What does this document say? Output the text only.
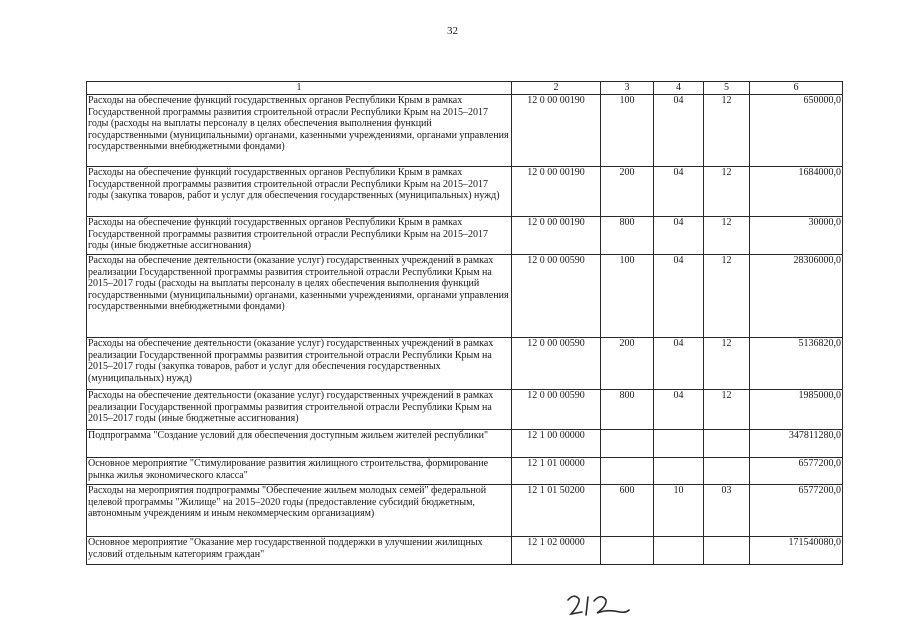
32
1	2	3	4	5	6
Расходы на обеспечение функций государственных органов Республики Крым в рамках Государственной программы развития строительной отрасли Республики Крым на 2015–2017 годы (расходы на выплаты персоналу в целях обеспечения выполнения функций государственными (муниципальными) органами, казенными учреждениями, органами управления государственными внебюджетными фондами)	12 0 00 00190	100	04	12	650000,0
Расходы на обеспечение функций государственных органов Республики Крым в рамках Государственной программы развития строительной отрасли Республики Крым на 2015–2017 годы (закупка товаров, работ и услуг для обеспечения государственных (муниципальных) нужд)	12 0 00 00190	200	04	12	1684000,0
Расходы на обеспечение функций государственных органов Республики Крым в рамках Государственной программы развития строительной отрасли Республики Крым на 2015–2017 годы (иные бюджетные ассигнования)	12 0 00 00190	800	04	12	30000,0
Расходы на обеспечение деятельности (оказание услуг) государственных учреждений в рамках реализации Государственной программы развития строительной отрасли Республики Крым на 2015–2017 годы (расходы на выплаты персоналу в целях обеспечения выполнения функций государственными (муниципальными) органами, казенными учреждениями, органами управления государственными внебюджетными фондами)	12 0 00 00590	100	04	12	28306000,0
Расходы на обеспечение деятельности (оказание услуг) государственных учреждений в рамках реализации Государственной программы развития строительной отрасли Республики Крым на 2015–2017 годы (закупка товаров, работ и услуг для обеспечения государственных (муниципальных) нужд)	12 0 00 00590	200	04	12	5136820,0
Расходы на обеспечение деятельности (оказание услуг) государственных учреждений в рамках реализации Государственной программы развития строительной отрасли Республики Крым на 2015–2017 годы (иные бюджетные ассигнования)	12 0 00 00590	800	04	12	1985000,0
Подпрограмма "Создание условий для обеспечения доступным жильем жителей республики"	12 1 00 00000				347811280,0
Основное мероприятие "Стимулирование развития жилищного строительства, формирование рынка жилья экономического класса"	12 1 01 00000				6577200,0
Расходы на мероприятия подпрограммы "Обеспечение жильем молодых семей" федеральной целевой программы "Жилище" на 2015–2020 годы (предоставление субсидий бюджетным, автономным учреждениям и иным некоммерческим организациям)	12 1 01 50200	600	10	03	6577200,0
Основное мероприятие "Оказание мер государственной поддержки в улучшении жилищных условий отдельным категориям граждан"	12 1 02 00000				171540080,0
